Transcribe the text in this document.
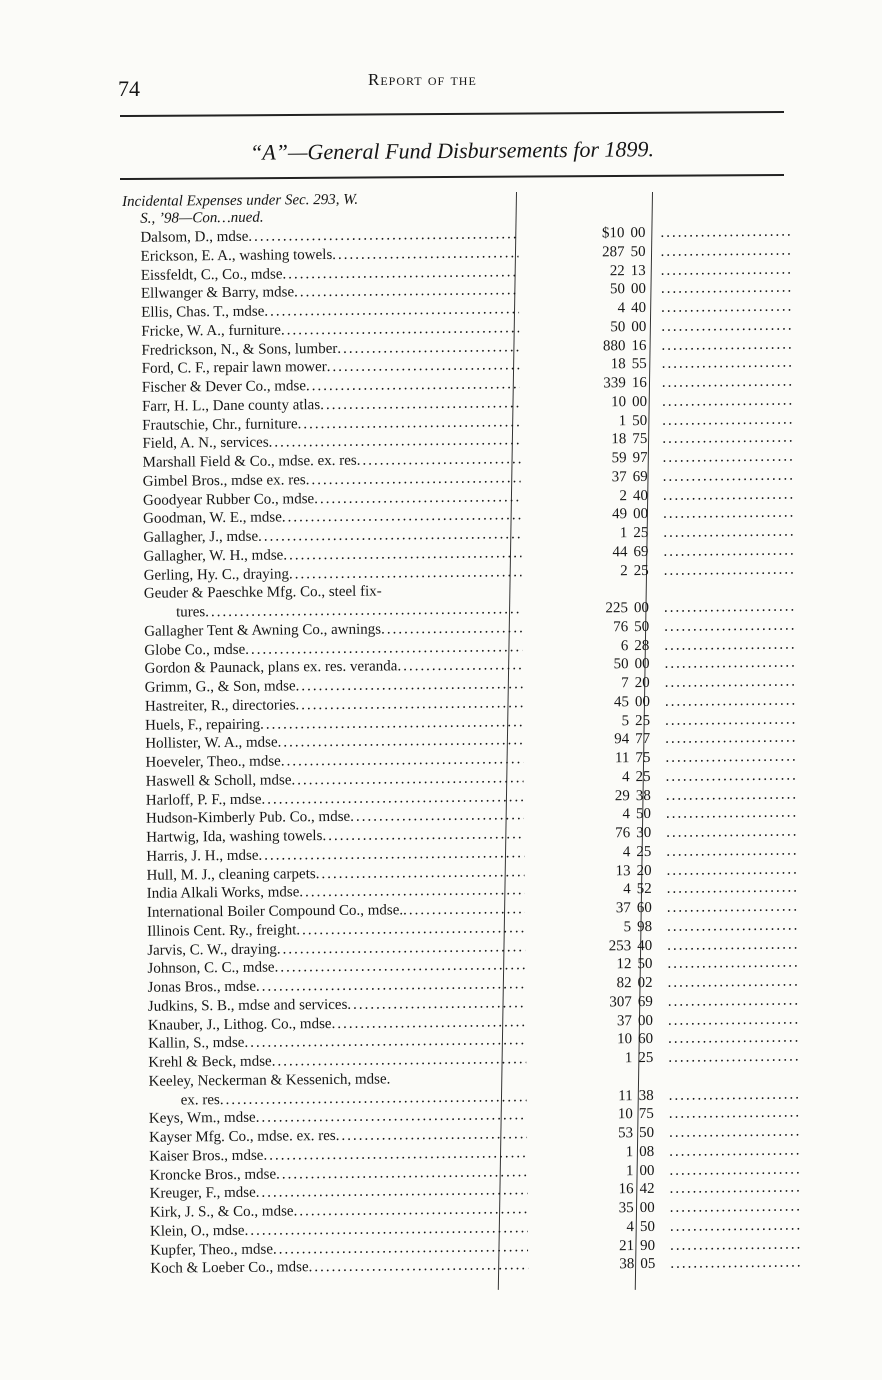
74	Report of the
“A”—General Fund Disbursements for 1899.
Incidental Expenses under Sec. 293, W.
S., ’98—Con…nued.
Dalsom, D., mdse .....	$10 00
.....
Erickson, E. A., washing towels .....	287 50
.....
Eissfeldt, C., Co., mdse .....	22 13
.....
Ellwanger & Barry, mdse .....	50 00
.....
Ellis, Chas. T., mdse .....	4 40
.....
Fricke, W. A., furniture .....	50 00
.....
Fredrickson, N., & Sons, lumber .....	880 16
.....
Ford, C. F., repair lawn mower .....	18 55
.....
Fischer & Dever Co., mdse .....	339 16
.....
Farr, H. L., Dane county atlas .....	10 00
.....
Frautschie, Chr., furniture .....	1 50
.....
Field, A. N., services .....	18 75
.....
Marshall Field & Co., mdse. ex. res .....	59 97
.....
Gimbel Bros., mdse ex. res .....	37 69
.....
Goodyear Rubber Co., mdse .....	2 40
.....
Goodman, W. E., mdse .....	49 00
.....
Gallagher, J., mdse .....	1 25
.....
Gallagher, W. H., mdse .....	44 69
.....
Gerling, Hy. C., draying .....	2 25
.....
Geuder & Paeschke Mfg. Co., steel fix-
tures .....	225 00
.....
Gallagher Tent & Awning Co., awnings .....	76 50
.....
Globe Co., mdse .....	6 28
.....
Gordon & Paunack, plans ex. res. veranda .....	50 00
.....
Grimm, G., & Son, mdse .....	7 20
.....
Hastreiter, R., directories .....	45 00
.....
Huels, F., repairing .....	5 25
.....
Hollister, W. A., mdse .....	94 77
.....
Hoeveler, Theo., mdse .....	11 75
.....
Haswell & Scholl, mdse .....	4 25
.....
Harloff, P. F., mdse .....	29 38
.....
Hudson-Kimberly Pub. Co., mdse .....	4 50
.....
Hartwig, Ida, washing towels .....	76 30
.....
Harris, J. H., mdse .....	4 25
.....
Hull, M. J., cleaning carpets .....	13 20
.....
India Alkali Works, mdse .....	4 52
.....
International Boiler Compound Co., mdse. .....	37 60
.....
Illinois Cent. Ry., freight .....	5 98
.....
Jarvis, C. W., draying .....	253 40
.....
Johnson, C. C., mdse .....	12 50
.....
Jonas Bros., mdse .....	82 02
.....
Judkins, S. B., mdse and services .....	307 69
.....
Knauber, J., Lithog. Co., mdse .....	37 00
.....
Kallin, S., mdse .....	10 60
.....
Krehl & Beck, mdse .....	1 25
.....
Keeley, Neckerman & Kessenich, mdse.
ex. res .....	11 38
.....
Keys, Wm., mdse .....	10 75
.....
Kayser Mfg. Co., mdse. ex. res .....	53 50
.....
Kaiser Bros., mdse .....	1 08
.....
Kroncke Bros., mdse .....	1 00
.....
Kreuger, F., mdse .....	16 42
.....
Kirk, J. S., & Co., mdse .....	35 00
.....
Klein, O., mdse .....	4 50
.....
Kupfer, Theo., mdse .....	21 90
.....
Koch & Loeber Co., mdse .....	38 05
.....
